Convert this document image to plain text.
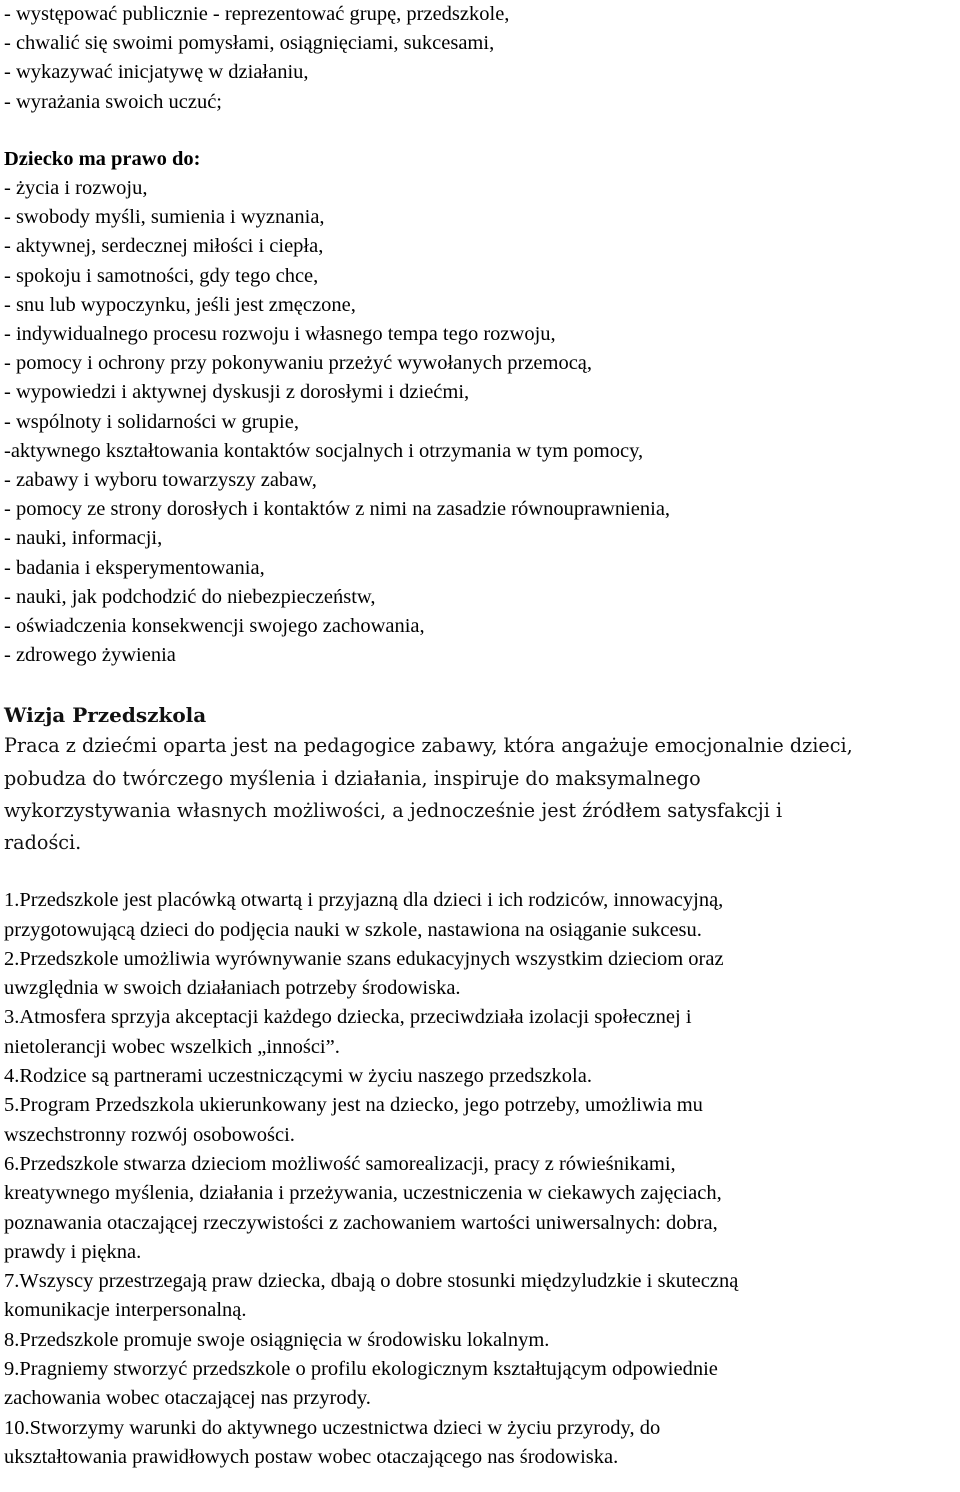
- występować publicznie - reprezentować grupę, przedszkole,
- chwalić się swoimi pomysłami, osiągnięciami, sukcesami,
- wykazywać inicjatywę w działaniu,
- wyrażania swoich uczuć;
Dziecko ma prawo do:
- życia i rozwoju,
- swobody myśli, sumienia i wyznania,
- aktywnej, serdecznej miłości i ciepła,
- spokoju i samotności, gdy tego chce,
- snu lub wypoczynku, jeśli jest zmęczone,
- indywidualnego procesu rozwoju i własnego tempa tego rozwoju,
- pomocy i ochrony przy pokonywaniu przeżyć wywołanych przemocą,
- wypowiedzi i aktywnej dyskusji z dorosłymi i dziećmi,
- wspólnoty i solidarności w grupie,
-aktywnego kształtowania kontaktów socjalnych i otrzymania w tym pomocy,
- zabawy i wyboru towarzyszy zabaw,
- pomocy ze strony dorosłych i kontaktów z nimi na zasadzie równouprawnienia,
- nauki, informacji,
- badania i eksperymentowania,
- nauki, jak podchodzić do niebezpieczeństw,
- oświadczenia konsekwencji swojego zachowania,
- zdrowego żywienia
Wizja Przedszkola
Praca z dziećmi oparta jest na pedagogice zabawy, która angażuje emocjonalnie dzieci,
pobudza do twórczego myślenia i działania, inspiruje do maksymalnego
wykorzystywania własnych możliwości, a jednocześnie jest źródłem satysfakcji i
radości.
1.Przedszkole jest placówką otwartą i przyjazną dla dzieci i ich rodziców, innowacyjną,
przygotowującą dzieci do podjęcia nauki w szkole, nastawiona na osiąganie sukcesu.
2.Przedszkole umożliwia wyrównywanie szans edukacyjnych wszystkim dzieciom oraz
uwzględnia w swoich działaniach potrzeby środowiska.
3.Atmosfera sprzyja akceptacji każdego dziecka, przeciwdziała izolacji społecznej i
nietolerancji wobec wszelkich „inności”.
4.Rodzice są partnerami uczestniczącymi w życiu naszego przedszkola.
5.Program Przedszkola ukierunkowany jest na dziecko, jego potrzeby, umożliwia mu
wszechstronny rozwój osobowości.
6.Przedszkole stwarza dzieciom możliwość samorealizacji, pracy z rówieśnikami,
kreatywnego myślenia, działania i przeżywania, uczestniczenia w ciekawych zajęciach,
poznawania otaczającej rzeczywistości z zachowaniem wartości uniwersalnych: dobra,
prawdy i piękna.
7.Wszyscy przestrzegają praw dziecka, dbają o dobre stosunki międzyludzkie i skuteczną
komunikacje interpersonalną.
8.Przedszkole promuje swoje osiągnięcia w środowisku lokalnym.
9.Pragniemy stworzyć przedszkole o profilu ekologicznym kształtującym odpowiednie
zachowania wobec otaczającej nas przyrody.
10.Stworzymy warunki do aktywnego uczestnictwa dzieci w życiu przyrody, do
ukształtowania prawidłowych postaw wobec otaczającego nas środowiska.
